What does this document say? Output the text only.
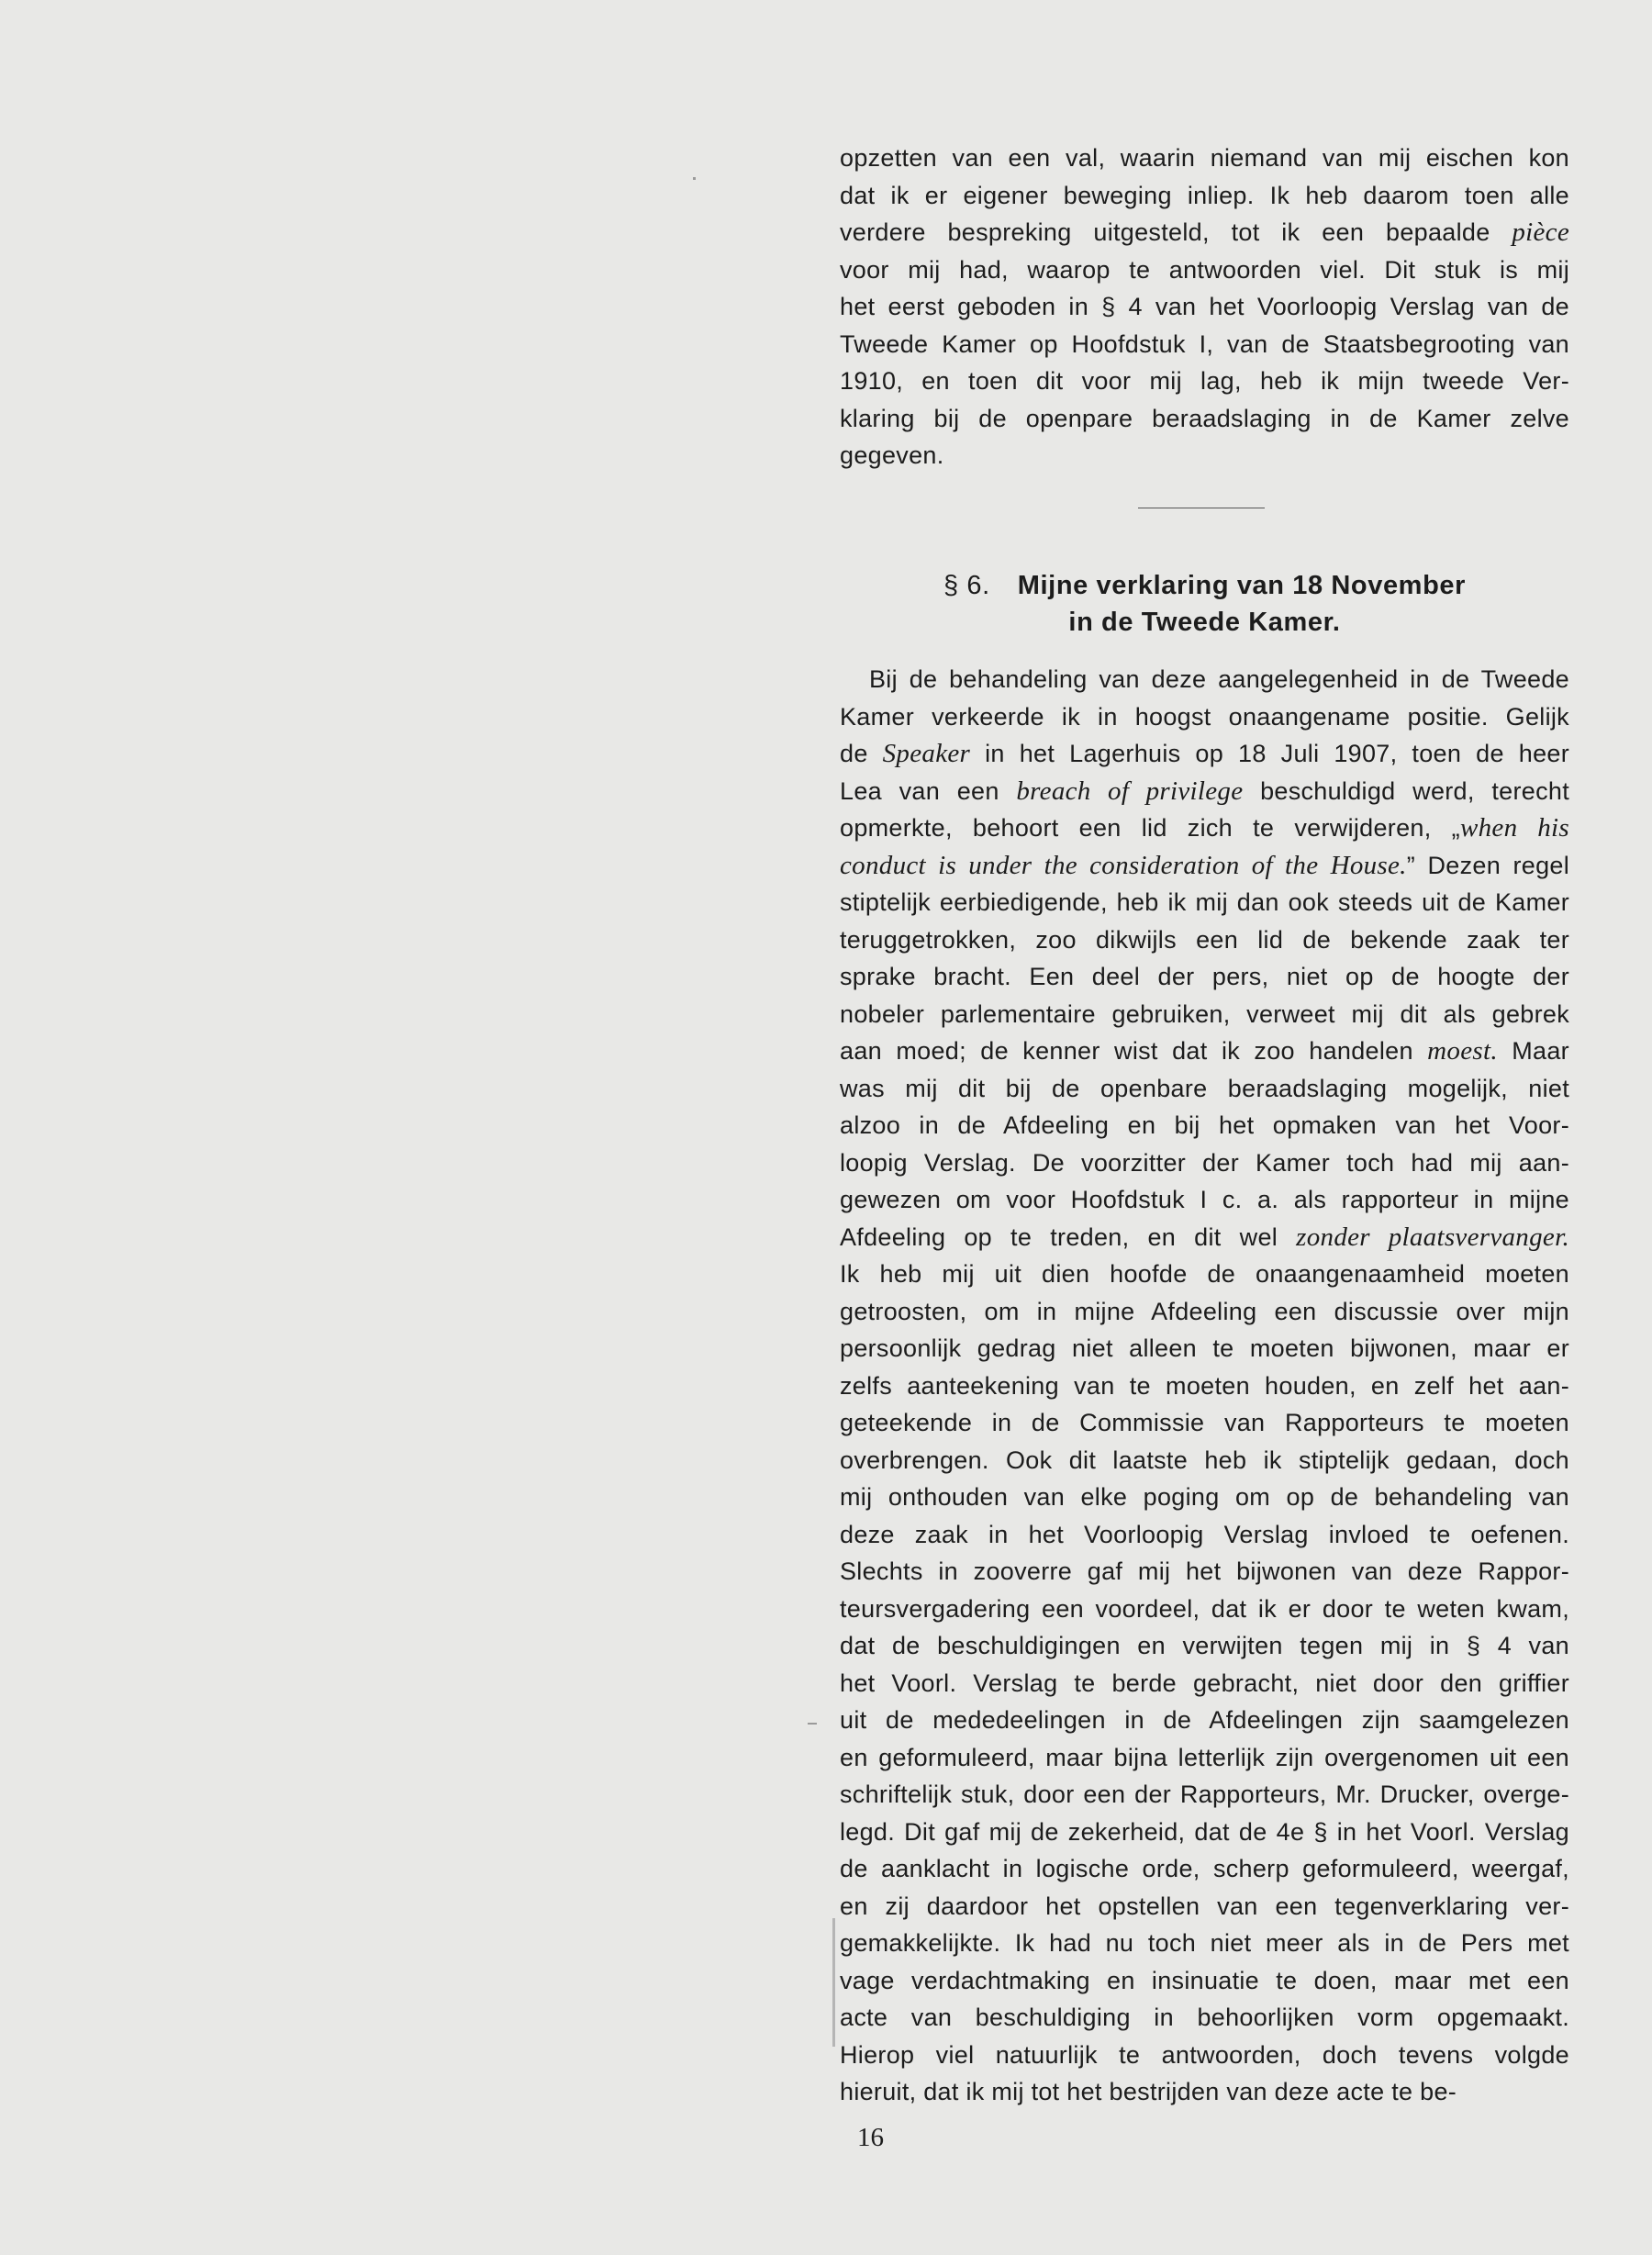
opzetten van een val, waarin niemand van mij eischen kon
dat ik er eigener beweging inliep. Ik heb daarom toen alle
verdere bespreking uitgesteld, tot ik een bepaalde pièce
voor mij had, waarop te antwoorden viel. Dit stuk is mij
het eerst geboden in § 4 van het Voorloopig Verslag van de
Tweede Kamer op Hoofdstuk I, van de Staatsbegrooting van
1910, en toen dit voor mij lag, heb ik mijn tweede Ver-
klaring bij de openpare beraadslaging in de Kamer zelve
gegeven.
§ 6. Mijne verklaring van 18 November
in de Tweede Kamer.
Bij de behandeling van deze aangelegenheid in de Tweede
Kamer verkeerde ik in hoogst onaangename positie. Gelijk
de Speaker in het Lagerhuis op 18 Juli 1907, toen de heer
Lea van een breach of privilege beschuldigd werd, terecht
opmerkte, behoort een lid zich te verwijderen, „when his
conduct is under the consideration of the House.” Dezen regel
stiptelijk eerbiedigende, heb ik mij dan ook steeds uit de Kamer
teruggetrokken, zoo dikwijls een lid de bekende zaak ter
sprake bracht. Een deel der pers, niet op de hoogte der
nobeler parlementaire gebruiken, verweet mij dit als gebrek
aan moed; de kenner wist dat ik zoo handelen moest. Maar
was mij dit bij de openbare beraadslaging mogelijk, niet
alzoo in de Afdeeling en bij het opmaken van het Voor-
loopig Verslag. De voorzitter der Kamer toch had mij aan-
gewezen om voor Hoofdstuk I c. a. als rapporteur in mijne
Afdeeling op te treden, en dit wel zonder plaatsvervanger.
Ik heb mij uit dien hoofde de onaangenaamheid moeten
getroosten, om in mijne Afdeeling een discussie over mijn
persoonlijk gedrag niet alleen te moeten bijwonen, maar er
zelfs aanteekening van te moeten houden, en zelf het aan-
geteekende in de Commissie van Rapporteurs te moeten
overbrengen. Ook dit laatste heb ik stiptelijk gedaan, doch
mij onthouden van elke poging om op de behandeling van
deze zaak in het Voorloopig Verslag invloed te oefenen.
Slechts in zooverre gaf mij het bijwonen van deze Rappor-
teursvergadering een voordeel, dat ik er door te weten kwam,
dat de beschuldigingen en verwijten tegen mij in § 4 van
het Voorl. Verslag te berde gebracht, niet door den griffier
uit de mededeelingen in de Afdeelingen zijn saamgelezen
en geformuleerd, maar bijna letterlijk zijn overgenomen uit een
schriftelijk stuk, door een der Rapporteurs, Mr. Drucker, overge-
legd. Dit gaf mij de zekerheid, dat de 4e § in het Voorl. Verslag
de aanklacht in logische orde, scherp geformuleerd, weergaf,
en zij daardoor het opstellen van een tegenverklaring ver-
gemakkelijkte. Ik had nu toch niet meer als in de Pers met
vage verdachtmaking en insinuatie te doen, maar met een
acte van beschuldiging in behoorlijken vorm opgemaakt.
Hierop viel natuurlijk te antwoorden, doch tevens volgde
hieruit, dat ik mij tot het bestrijden van deze acte te be-
16
